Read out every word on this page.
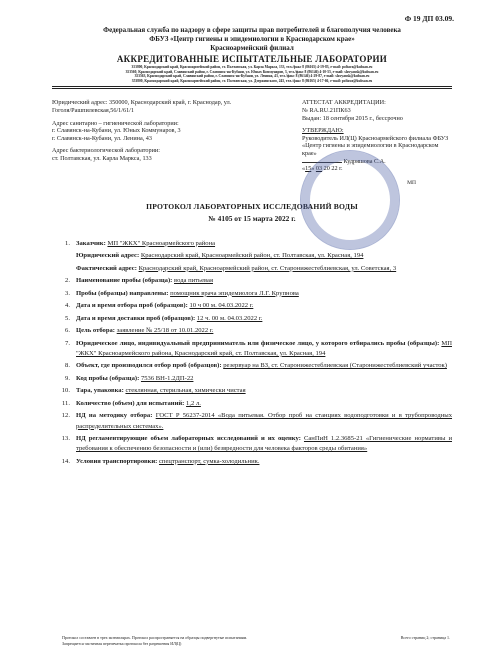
Ф 19 ДП 03.09.
Федеральная служба по надзору в сфере защиты прав потребителей и благополучия человека
ФБУЗ «Центр гигиены и эпидемиологии в Краснодарском крае»
Красноармейский филиал
АККРЕДИТОВАННЫЕ ИСПЫТАТЕЛЬНЫЕ ЛАБОРАТОРИИ
353800, Краснодарский край, Красноармейский район, ст. Полтавская, ул. Карла Маркса, 133, тел./факс 8 (86165) 4-19-83, e-mail: poltava@kubsan.ru
353560, Краснодарский край, Славянский район, г. Славянск-на-Кубани, ул. Юных Коммунаров, 3, тел./факс 8 (86146) 4-10-55, e-mail: slavyansk@kubsan.ru
353563, Краснодарский край, Славянский район, г. Славянск-на-Кубани, ул. Ленина, 43, тел./факс 8 (86146) 4-29-87, e-mail: slavyansk@kubsan.ru
353800, Краснодарский край, Красноармейский район, ст. Полтавская, ул. Дзержинского, 245, тел./факс 8 (86165) 4-17-66, e-mail: poltava@kubsan.ru
Юридический адрес: 350000, Краснодарский край, г. Краснодар, ул. Гоголя/Рашпилевская,56/1/61/1
Адрес санитарно – гигиенической лаборатории:
г. Славянск-на-Кубани, ул. Юных Коммунаров, 3
г. Славянск-на-Кубани, ул. Ленина, 43
Адрес бактериологической лаборатории:
ст. Полтавская, ул. Карла Маркса, 133
АТТЕСТАТ АККРЕДИТАЦИИ:
№ RA.RU.21ПК63
Выдан: 18 сентября 2015 г., бессрочно
УТВЕРЖДАЮ:
Руководитель ИЛ(Ц) Красноармейского филиала ФБУЗ «Центр гигиены и эпидемиологии в Краснодарском крае»
Кудряшова С.А.
«15» 03 20 22 г.
МП
ПРОТОКОЛ ЛАБОРАТОРНЫХ ИССЛЕДОВАНИЙ ВОДЫ
№ 4105 от 15 марта 2022 г.
1. Заказчик: МП "ЖКХ" Красноармейского района
Юридический адрес: Краснодарский край, Красноармейский район, ст. Полтавская, ул. Красная, 194
Фактический адрес: Краснодарский край, Красноармейский район, ст. Старонижестеблиевская, ул. Советская, 3
2. Наименование пробы (образца): вода питьевая
3. Пробы (образцы) направлены: помощник врача эпидемиолога Л.Г. Крупнова
4. Дата и время отбора проб (образцов): 10 ч 00 м. 04.03.2022 г.
5. Дата и время доставки проб (образцов): 12 ч. 00 м. 04.03.2022 г.
6. Цель отбора: заявление № 25/18 от 10.01.2022 г.
7. Юридическое лицо, индивидуальный предприниматель или физическое лицо, у которого отбирались пробы (образцы): МП "ЖКХ" Красноармейского района, Краснодарский край, ст. Полтавская, ул. Красная, 194
8. Объект, где производился отбор проб (образцов): резервуар на ВЗ, ст. Старонижестеблиевская (Старонижестеблиевский участок)
9. Код пробы (образца): 7536 ВН-1.2ДП-22
10. Тара, упаковка: стеклянная, стерильная, химически чистая
11. Количество (объем) для испытаний: 1,2 л.
12. НД на методику отбора: ГОСТ Р 56237-2014 «Вода питьевая. Отбор проб на станциях водоподготовки и в трубопроводных распределительных системах».
13. НД регламентирующие объем лабораторных исследований и их оценку: СанПиН 1.2.3685-21 «Гигиенические нормативы и требования к обеспечению безопасности и (или) безвредности для человека факторов среды обитания»
14. Условия транспортировки: спецтранспорт, сумка-холодильник.
Протокол составлен в трех экземплярах. Протокол распространяется на образцы подвергнутые испытаниям.	Всего страниц 2; страница 1.
Запрещается частичная перепечатка протокола без разрешения ИЛ(Ц)
